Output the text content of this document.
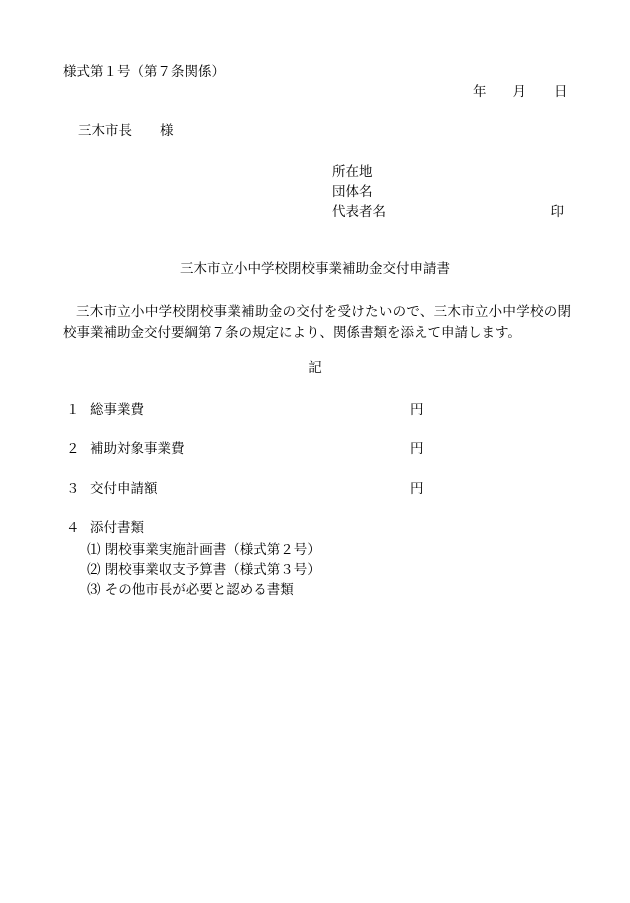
様式第１号（第７条関係）
年 月 日
三木市長 様
所在地
団体名
代表者名	印
三木市立小中学校閉校事業補助金交付申請書

三木市立小中学校閉校事業補助金の交付を受けたいので、三木市立小中学校の閉校事業補助金交付要綱第７条の規定により、関係書類を添えて申請します。

記
１ 総事業費	円
２ 補助対象事業費	円
３ 交付申請額	円
４ 添付書類
⑴ 閉校事業実施計画書（様式第２号）
⑵ 閉校事業収支予算書（様式第３号）
⑶ その他市長が必要と認める書類
